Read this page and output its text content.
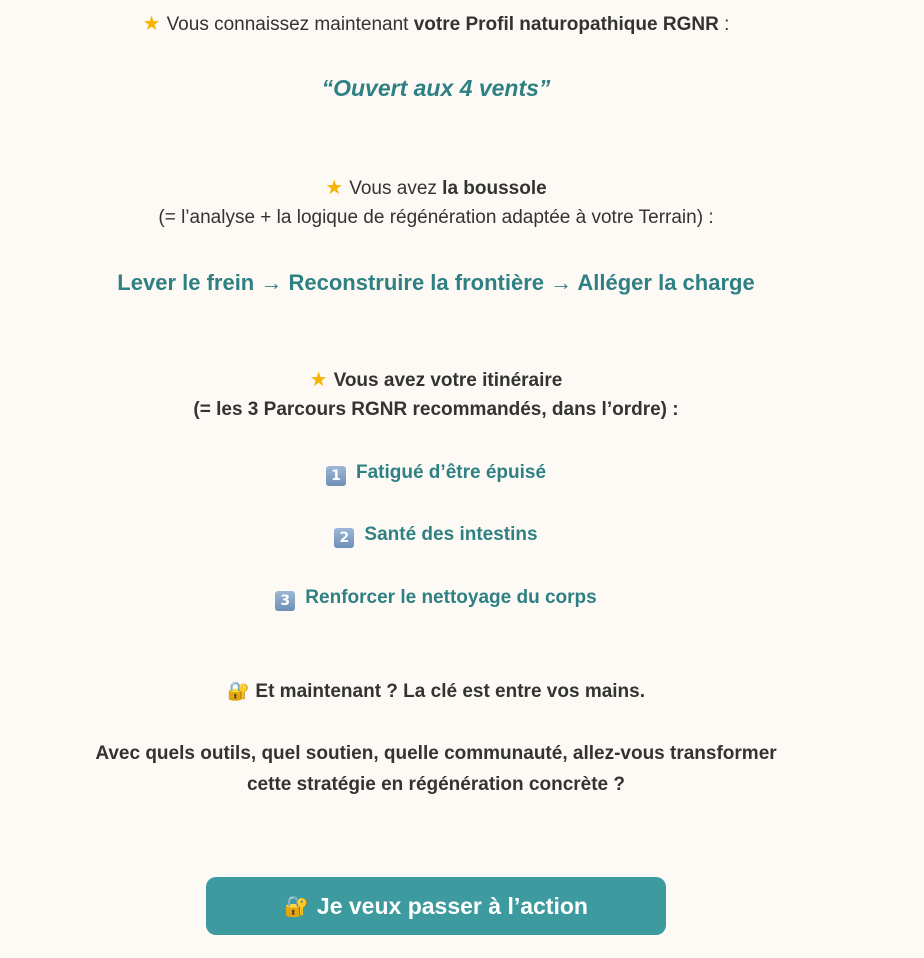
★ Vous connaissez maintenant votre Profil naturopathique RGNR :
“Ouvert aux 4 vents”
★ Vous avez la boussole
(= l’analyse + la logique de régénération adaptée à votre Terrain) :
Lever le frein → Reconstruire la frontière → Alléger la charge
★ Vous avez votre itinéraire
(= les 3 Parcours RGNR recommandés, dans l’ordre) :
1 Fatigué d’être épuisé
2 Santé des intestins
3 Renforcer le nettoyage du corps
🔐 Et maintenant ? La clé est entre vos mains.
Avec quels outils, quel soutien, quelle communauté, allez-vous transformer
cette stratégie en régénération concrète ?
🔐 Je veux passer à l’action
